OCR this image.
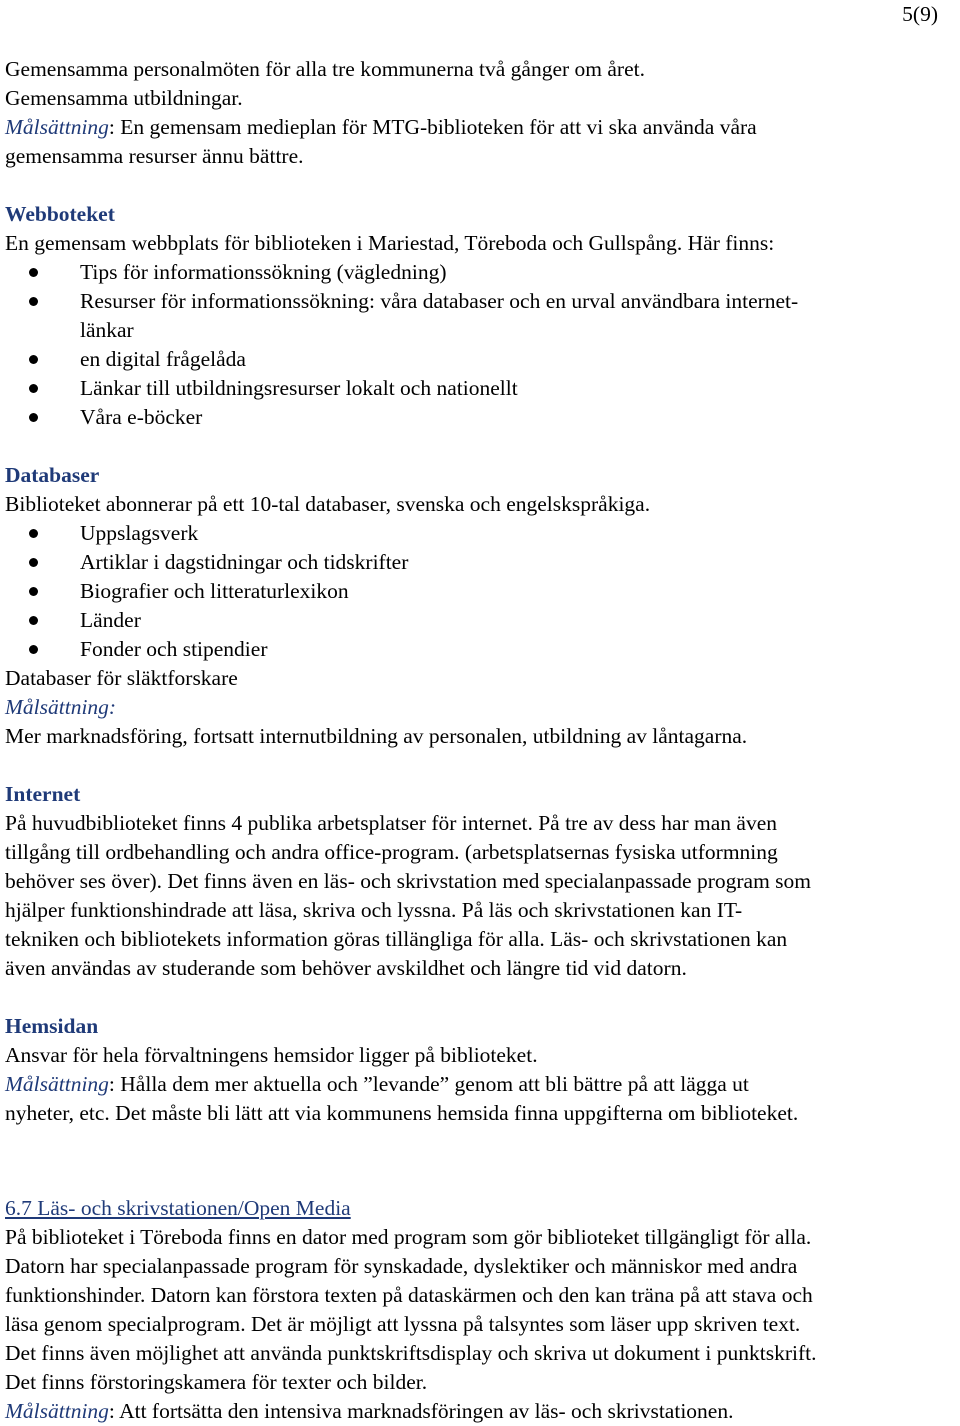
5(9)
Gemensamma personalmöten för alla tre kommunerna två gånger om året.
Gemensamma utbildningar.
Målsättning: En gemensam medieplan för MTG-biblioteken för att vi ska använda våra
gemensamma resurser ännu bättre.
Webboteket
En gemensam webbplats för biblioteken i Mariestad, Töreboda och Gullspång. Här finns:
Tips för informationssökning (vägledning)
Resurser för informationssökning: våra databaser och en urval användbara internet-
länkar
en digital frågelåda
Länkar till utbildningsresurser lokalt och nationellt
Våra e-böcker
Databaser
Biblioteket abonnerar på ett 10-tal databaser, svenska och engelskspråkiga.
Uppslagsverk
Artiklar i dagstidningar och tidskrifter
Biografier och litteraturlexikon
Länder
Fonder och stipendier
Databaser för släktforskare
Målsättning:
Mer marknadsföring, fortsatt internutbildning av personalen, utbildning av låntagarna.
Internet
På huvudbiblioteket finns 4 publika arbetsplatser för internet. På tre av dess har man även
tillgång till ordbehandling och andra office-program. (arbetsplatsernas fysiska utformning
behöver ses över). Det finns även en läs- och skrivstation med specialanpassade program som
hjälper funktionshindrade att läsa, skriva och lyssna. På läs och skrivstationen kan IT-
tekniken och bibliotekets information göras tillängliga för alla. Läs- och skrivstationen kan
även användas av studerande som behöver avskildhet och längre tid vid datorn.
Hemsidan
Ansvar för hela förvaltningens hemsidor ligger på biblioteket.
Målsättning: Hålla dem mer aktuella och ”levande” genom att bli bättre på att lägga ut
nyheter, etc. Det måste bli lätt att via kommunens hemsida finna uppgifterna om biblioteket.
6.7 Läs- och skrivstationen/Open Media
På biblioteket i Töreboda finns en dator med program som gör biblioteket tillgängligt för alla.
Datorn har specialanpassade program för synskadade, dyslektiker och människor med andra
funktionshinder. Datorn kan förstora texten på dataskärmen och den kan träna på att stava och
läsa genom specialprogram. Det är möjligt att lyssna på talsyntes som läser upp skriven text.
Det finns även möjlighet att använda punktskriftsdisplay och skriva ut dokument i punktskrift.
Det finns förstoringskamera för texter och bilder.
Målsättning: Att fortsätta den intensiva marknadsföringen av läs- och skrivstationen.
